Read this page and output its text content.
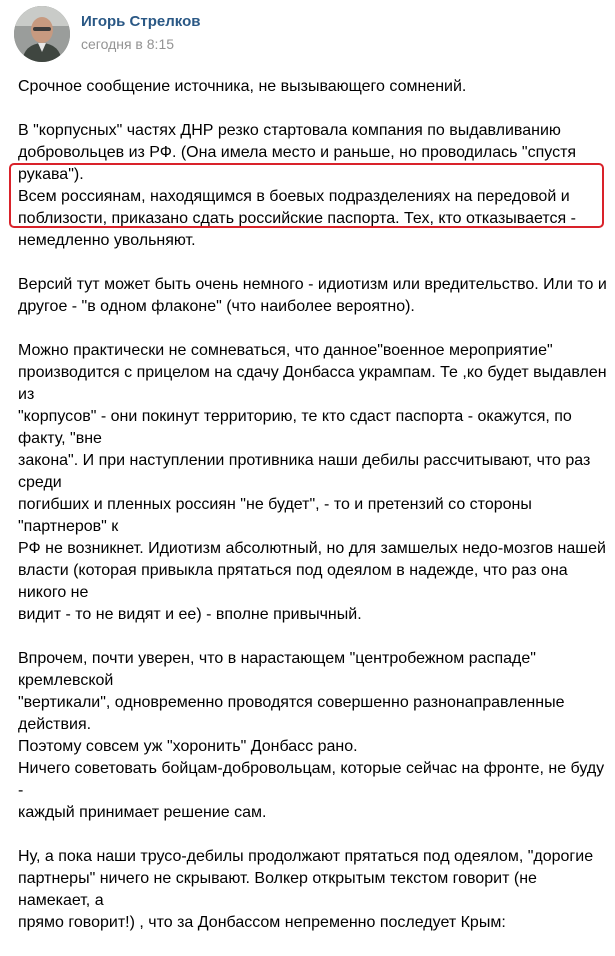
Игорь Стрелков
сегодня в 8:15

Срочное сообщение источника, не вызывающего сомнений.

В "корпусных" частях ДНР резко стартовала компания по выдавливанию
добровольцев из РФ. (Она имела место и раньше, но проводилась "спустя рукава").

Всем россиянам, находящимся в боевых подразделениях на передовой и
поблизости, приказано сдать российские паспорта. Тех, кто отказывается -
немедленно увольняют.

Версий тут может быть очень немного - идиотизм или вредительство. Или то и
другое - "в одном флаконе" (что наиболее вероятно).

Можно практически не сомневаться, что данное"военное мероприятие"
производится с прицелом на сдачу Донбасса укрампам. Те ,ко будет выдавлен из
"корпусов" - они покинут территорию, те кто сдаст паспорта - окажутся, по факту, "вне
закона". И при наступлении противника наши дебилы рассчитывают, что раз среди
погибших и пленных россиян "не будет", - то и претензий со стороны "партнеров" к
РФ не возникнет. Идиотизм абсолютный, но для замшелых недо-мозгов нашей
власти (которая привыкла прятаться под одеялом в надежде, что раз она никого не
видит - то не видят и ее) - вполне привычный.

Впрочем, почти уверен, что в нарастающем "центробежном распаде" кремлевской
"вертикали", одновременно проводятся совершенно разнонаправленные действия.
Поэтому совсем уж "хоронить" Донбасс рано.

Ничего советовать бойцам-добровольцам, которые сейчас на фронте, не буду -
каждый принимает решение сам.

Ну, а пока наши трусо-дебилы продолжают прятаться под одеялом, "дорогие
партнеры" ничего не скрывают. Волкер открытым текстом говорит (не намекает, а
прямо говорит!) , что за Донбассом непременно последует Крым:
